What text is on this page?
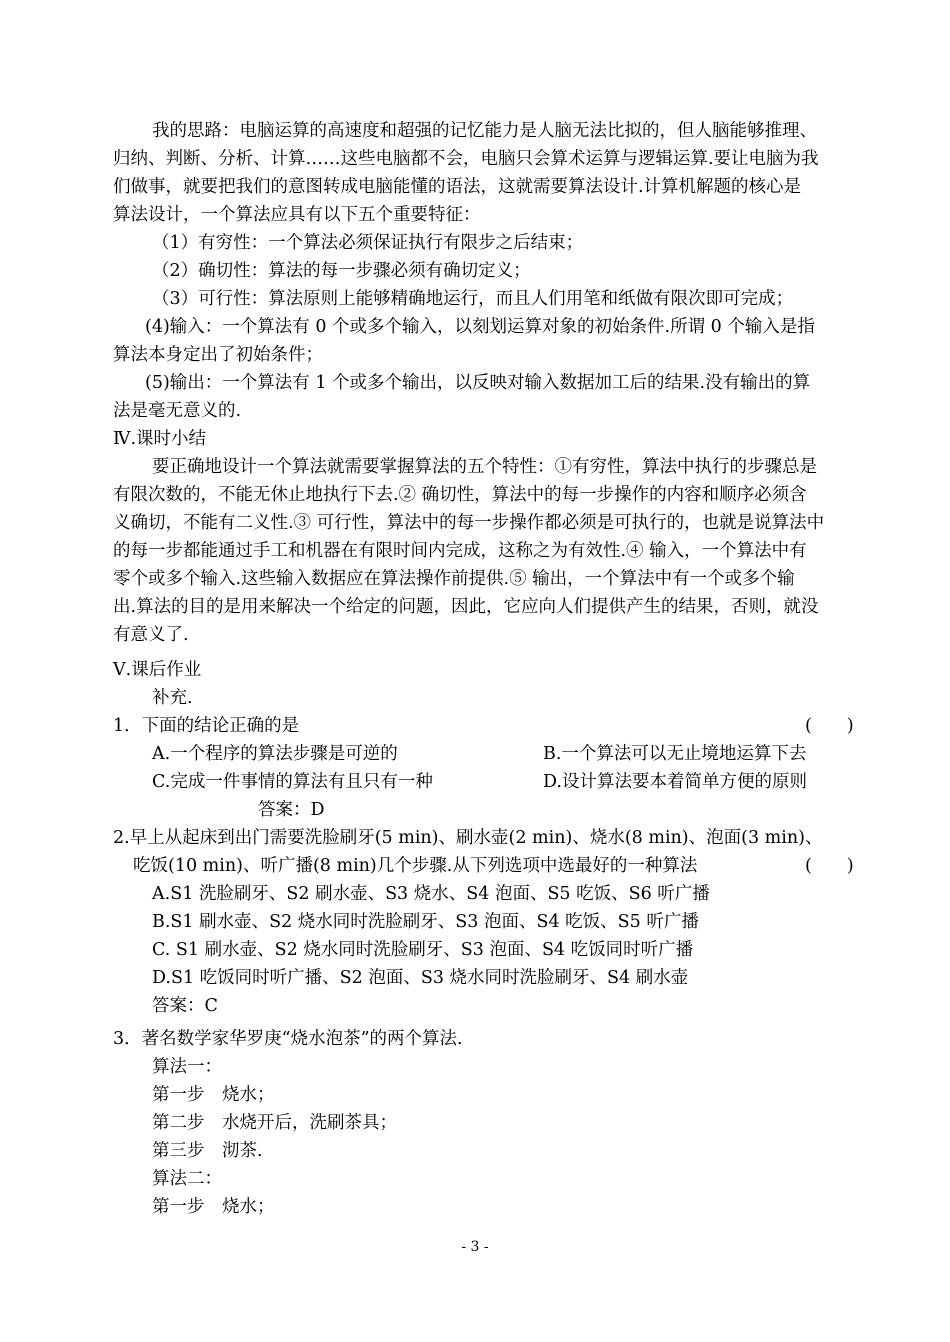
我的思路：电脑运算的高速度和超强的记忆能力是人脑无法比拟的，但人脑能够推理、
归纳、判断、分析、计算……这些电脑都不会，电脑只会算术运算与逻辑运算.要让电脑为我
们做事，就要把我们的意图转成电脑能懂的语法，这就需要算法设计.计算机解题的核心是
算法设计，一个算法应具有以下五个重要特征：
（1）有穷性：一个算法必须保证执行有限步之后结束；
（2）确切性：算法的每一步骤必须有确切定义；
（3）可行性：算法原则上能够精确地运行，而且人们用笔和纸做有限次即可完成；
(4)输入：一个算法有 0 个或多个输入，以刻划运算对象的初始条件.所谓 0 个输入是指
算法本身定出了初始条件；
(5)输出：一个算法有 1 个或多个输出，以反映对输入数据加工后的结果.没有输出的算
法是毫无意义的.
Ⅳ.课时小结
要正确地设计一个算法就需要掌握算法的五个特性：①有穷性，算法中执行的步骤总是
有限次数的，不能无休止地执行下去.② 确切性，算法中的每一步操作的内容和顺序必须含
义确切，不能有二义性.③ 可行性，算法中的每一步操作都必须是可执行的，也就是说算法中
的每一步都能通过手工和机器在有限时间内完成，这称之为有效性.④ 输入，一个算法中有
零个或多个输入.这些输入数据应在算法操作前提供.⑤ 输出，一个算法中有一个或多个输
出.算法的目的是用来解决一个给定的问题，因此，它应向人们提供产生的结果，否则，就没
有意义了.
Ⅴ.课后作业
补充.
1．下面的结论正确的是	(　　)
A.一个程序的算法步骤是可逆的	B.一个算法可以无止境地运算下去
C.完成一件事情的算法有且只有一种	D.设计算法要本着简单方便的原则
答案：D
2.早上从起床到出门需要洗脸刷牙(5 min)、刷水壶(2 min)、烧水(8 min)、泡面(3 min)、
吃饭(10 min)、听广播(8 min)几个步骤.从下列选项中选最好的一种算法	(　　)
A.S1 洗脸刷牙、S2 刷水壶、S3 烧水、S4 泡面、S5 吃饭、S6 听广播
B.S1 刷水壶、S2 烧水同时洗脸刷牙、S3 泡面、S4 吃饭、S5 听广播
C. S1 刷水壶、S2 烧水同时洗脸刷牙、S3 泡面、S4 吃饭同时听广播
D.S1 吃饭同时听广播、S2 泡面、S3 烧水同时洗脸刷牙、S4 刷水壶
答案：C
3．著名数学家华罗庚“烧水泡茶”的两个算法.
算法一：
第一步　烧水；
第二步　水烧开后，洗刷茶具；
第三步　沏茶.
算法二：
第一步　烧水；
- 3 -
